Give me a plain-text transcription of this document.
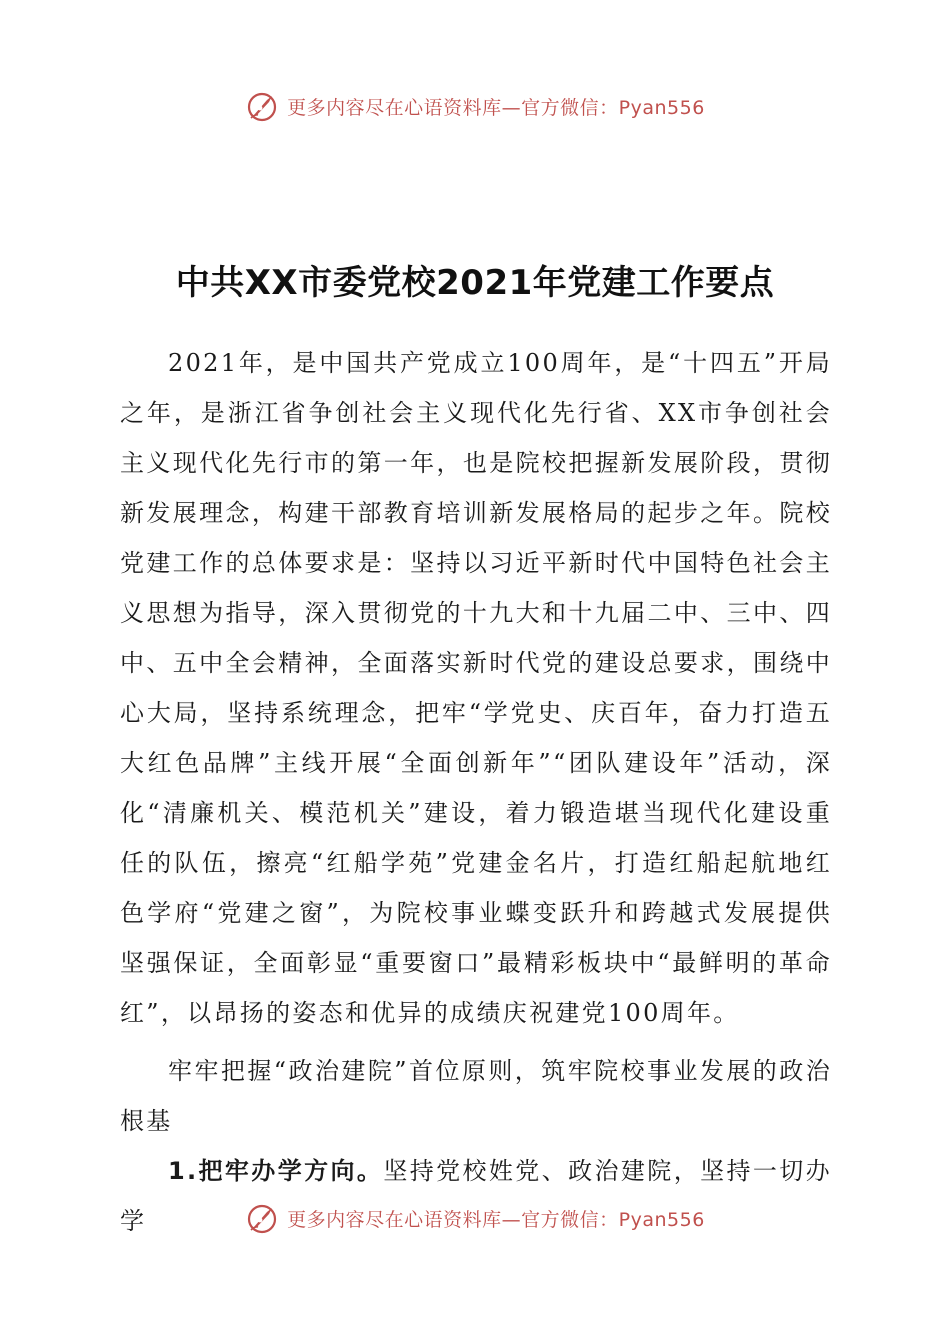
更多内容尽在心语资料库—官方微信：Pyan556
中共XX市委党校2021年党建工作要点

2021年，是中国共产党成立100周年，是“十四五”开局之年，是浙江省争创社会主义现代化先行省、XX市争创社会主义现代化先行市的第一年，也是院校把握新发展阶段，贯彻新发展理念，构建干部教育培训新发展格局的起步之年。院校党建工作的总体要求是：坚持以习近平新时代中国特色社会主义思想为指导，深入贯彻党的十九大和十九届二中、三中、四中、五中全会精神，全面落实新时代党的建设总要求，围绕中心大局，坚持系统理念，把牢“学党史、庆百年，奋力打造五大红色品牌”主线开展“全面创新年”“团队建设年”活动，深化“清廉机关、模范机关”建设，着力锻造堪当现代化建设重任的队伍，擦亮“红船学苑”党建金名片，打造红船起航地红色学府“党建之窗”，为院校事业蝶变跃升和跨越式发展提供坚强保证，全面彰显“重要窗口”最精彩板块中“最鲜明的革命红”，以昂扬的姿态和优异的成绩庆祝建党100周年。

牢牢把握“政治建院”首位原则，筑牢院校事业发展的政治根基

1.把牢办学方向。坚持党校姓党、政治建院，坚持一切办学	更多内容尽在心语资料库—官方微信：Pyan556
